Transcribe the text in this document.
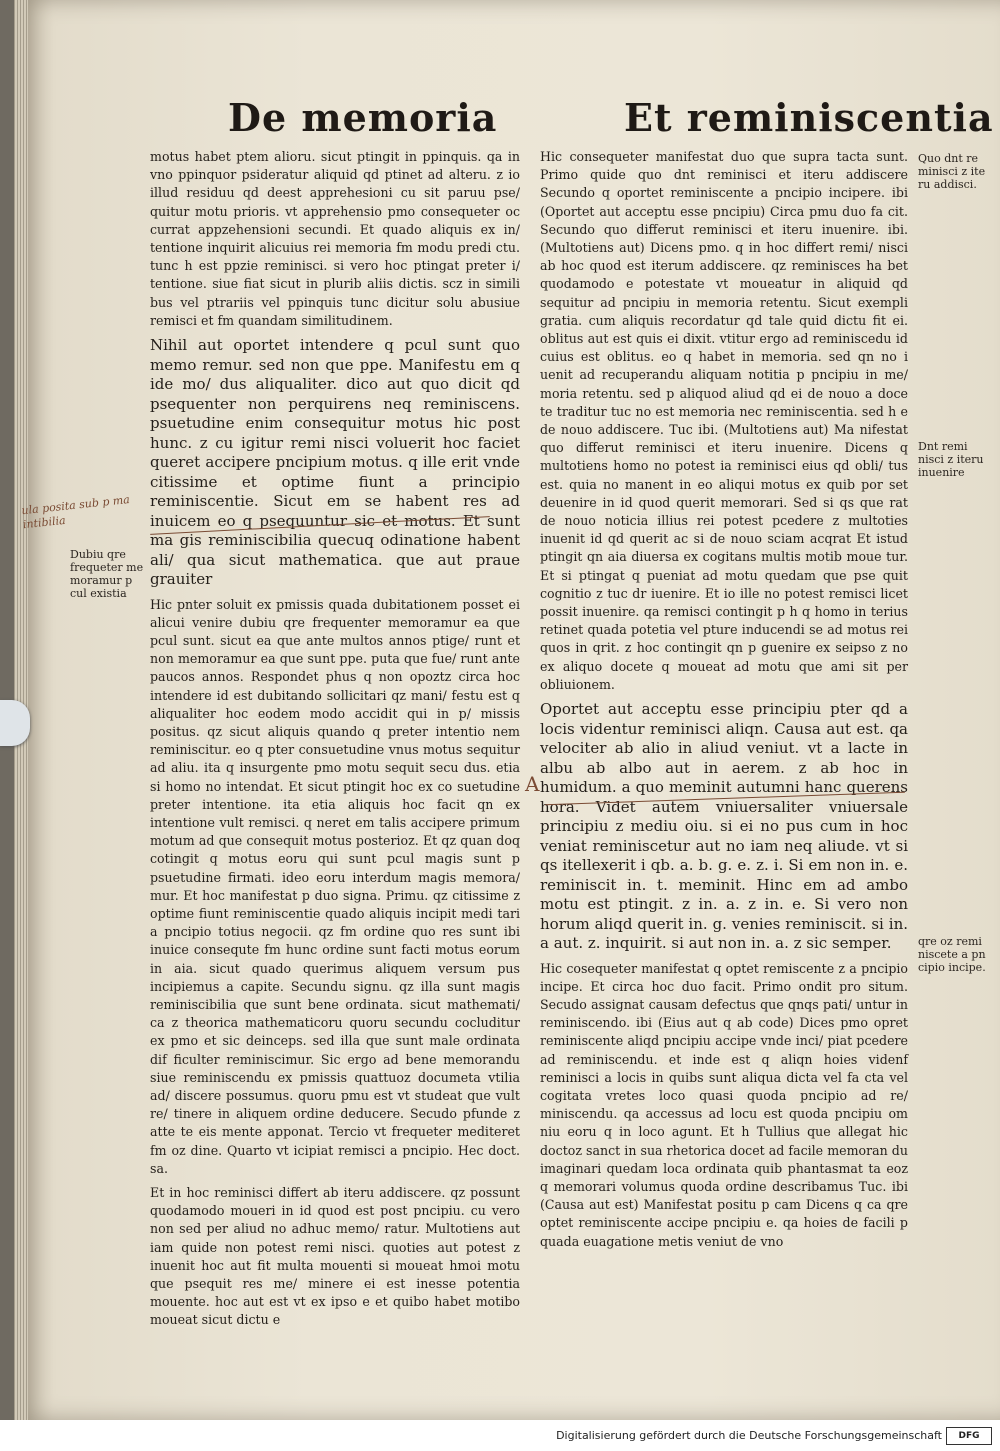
De memoria	Et reminiscentia

motus habet ptem alioru. sicut ptingit in ppinquis. qa in vno ppinquor psideratur aliquid qd ptinet ad alteru. z io illud residuu qd deest apprehesioni cu sit paruu pse/ quitur motu prioris. vt apprehensio pmo consequeter oc currat appzehensioni secundi. Et quado aliquis ex in/ tentione inquirit alicuius rei memoria fm modu predi ctu. tunc h est ppzie reminisci. si vero hoc ptingat preter i/ tentione. siue fiat sicut in plurib aliis dictis. scz in simili bus vel ptrariis vel ppinquis tunc dicitur solu abusiue remisci et fm quandam similitudinem.

Nihil aut oportet intendere q pcul sunt quo memo remur. sed non que ppe. Manifestu em q ide mo/ dus aliqualiter. dico aut quo dicit qd psequenter non perquirens neq reminiscens. psuetudine enim consequitur motus hic post hunc. z cu igitur remi nisci voluerit hoc faciet queret accipere pncipium motus. q ille erit vnde citissime et optime fiunt a principio reminiscentie. Sicut em se habent res ad inuicem eo q psequuntur sic et motus. Et sunt ma gis reminiscibilia quecuq odinatione habent ali/ qua sicut mathematica. que aut praue grauiter

Hic pnter soluit ex pmissis quada dubitationem posset ei alicui venire dubiu qre frequenter memoramur ea que pcul sunt. sicut ea que ante multos annos ptige/ runt et non memoramur ea que sunt ppe. puta que fue/ runt ante paucos annos. Respondet phus q non opoztz circa hoc intendere id est dubitando sollicitari qz mani/ festu est q aliqualiter hoc eodem modo accidit qui in p/ missis positus. qz sicut aliquis quando q preter intentio nem reminiscitur. eo q pter consuetudine vnus motus sequitur ad aliu. ita q insurgente pmo motu sequit secu dus. etia si homo no intendat. Et sicut ptingit hoc ex co suetudine preter intentione. ita etia aliquis hoc facit qn ex intentione vult remisci. q neret em talis accipere primum motum ad que consequit motus posterioz. Et qz quan doq cotingit q motus eoru qui sunt pcul magis sunt p psuetudine firmati. ideo eoru interdum magis memora/ mur. Et hoc manifestat p duo signa. Primu. qz citissime z optime fiunt reminiscentie quado aliquis incipit medi tari a pncipio totius negocii. qz fm ordine quo res sunt ibi inuice consequte fm hunc ordine sunt facti motus eorum in aia. sicut quado querimus aliquem versum pus incipiemus a capite. Secundu signu. qz illa sunt magis reminiscibilia que sunt bene ordinata. sicut mathemati/ ca z theorica mathematicoru quoru secundu cocluditur ex pmo et sic deinceps. sed illa que sunt male ordinata dif ficulter reminiscimur. Sic ergo ad bene memorandu siue reminiscendu ex pmissis quattuoz documeta vtilia ad/ discere possumus. quoru pmu est vt studeat que vult re/ tinere in aliquem ordine deducere. Secudo pfunde z atte te eis mente apponat. Tercio vt frequeter mediteret fm oz dine. Quarto vt icipiat remisci a pncipio. Hec doct. sa.

Et in hoc reminisci differt ab iteru addiscere. qz possunt quodamodo moueri in id quod est post pncipiu. cu vero non sed per aliud no adhuc memo/ ratur. Multotiens aut iam quide non potest remi nisci. quoties aut potest z inuenit hoc aut fit multa mouenti si moueat hmoi motu que psequit res me/ minere ei est inesse potentia mouente. hoc aut est vt ex ipso e et quibo habet motibo moueat sicut dictu e

Hic consequeter manifestat duo que supra tacta sunt. Primo quide quo dnt reminisci et iteru addiscere Secundo q oportet reminiscente a pncipio incipere. ibi (Oportet aut acceptu esse pncipiu) Circa pmu duo fa cit. Secundo quo differut reminisci et iteru inuenire. ibi. (Multotiens aut) Dicens pmo. q in hoc differt remi/ nisci ab hoc quod est iterum addiscere. qz reminisces ha bet quodamodo e potestate vt moueatur in aliquid qd sequitur ad pncipiu in memoria retentu. Sicut exempli gratia. cum aliquis recordatur qd tale quid dictu fit ei. oblitus aut est quis ei dixit. vtitur ergo ad reminiscedu id cuius est oblitus. eo q habet in memoria. sed qn no i uenit ad recuperandu aliquam notitia p pncipiu in me/ moria retentu. sed p aliquod aliud qd ei de nouo a doce te traditur tuc no est memoria nec reminiscentia. sed h e de nouo addiscere. Tuc ibi. (Multotiens aut) Ma nifestat quo differut reminisci et iteru inuenire. Dicens q multotiens homo no potest ia reminisci eius qd obli/ tus est. quia no manent in eo aliqui motus ex quib por set deuenire in id quod querit memorari. Sed si qs que rat de nouo noticia illius rei potest pcedere z multoties inuenit id qd querit ac si de nouo sciam acqrat Et istud ptingit qn aia diuersa ex cogitans multis motib moue tur. Et si ptingat q pueniat ad motu quedam que pse quit cognitio z tuc dr iuenire. Et io ille no potest remisci licet possit inuenire. qa remisci contingit p h q homo in terius retinet quada potetia vel pture inducendi se ad motus rei quos in qrit. z hoc contingit qn p guenire ex seipso z no ex aliquo docete q moueat ad motu que ami sit per obliuionem.

Oportet aut acceptu esse principiu pter qd a locis videntur reminisci aliqn. Causa aut est. qa velociter ab alio in aliud veniut. vt a lacte in albu ab albo aut in aerem. z ab hoc in humidum. a quo meminit autumni hanc querens hora. Videt autem vniuersaliter vniuersale principiu z mediu oiu. si ei no pus cum in hoc veniat reminiscetur aut no iam neq aliude. vt si qs itellexerit i qb. a. b. g. e. z. i. Si em non in. e. reminiscit in. t. meminit. Hinc em ad ambo motu est ptingit. z in. a. z in. e. Si vero non horum aliqd querit in. g. venies reminiscit. si in. a aut. z. inquirit. si aut non in. a. z sic semper.

Hic cosequeter manifestat q optet remiscente z a pncipio incipe. Et circa hoc duo facit. Primo ondit pro situm. Secudo assignat causam defectus que qnqs pati/ untur in reminiscendo. ibi (Eius aut q ab code) Dices pmo opret reminiscente aliqd pncipiu accipe vnde inci/ piat pcedere ad reminiscendu. et inde est q aliqn hoies videnf reminisci a locis in quibs sunt aliqua dicta vel fa cta vel cogitata vretes loco quasi quoda pncipio ad re/ miniscendu. qa accessus ad locu est quoda pncipiu om niu eoru q in loco agunt. Et h Tullius que allegat hic doctoz sanct in sua rhetorica docet ad facile memoran du imaginari quedam loca ordinata quib phantasmat ta eoz q memorari volumus quoda ordine describamus Tuc. ibi (Causa aut est) Manifestat positu p cam Dicens q ca qre optet reminiscente accipe pncipiu e. qa hoies de facili p quada euagatione metis veniut de vno

Quo dnt re minisci z ite ru addisci.
Dnt remi nisci z iteru inuenire
qre oz remi niscete a pn cipio incipe.
Dubiu qre frequeter me moramur p cul existia
ula posita sub p ma intibilia
A
Digitalisierung gefördert durch die Deutsche Forschungsgemeinschaft	DFG
